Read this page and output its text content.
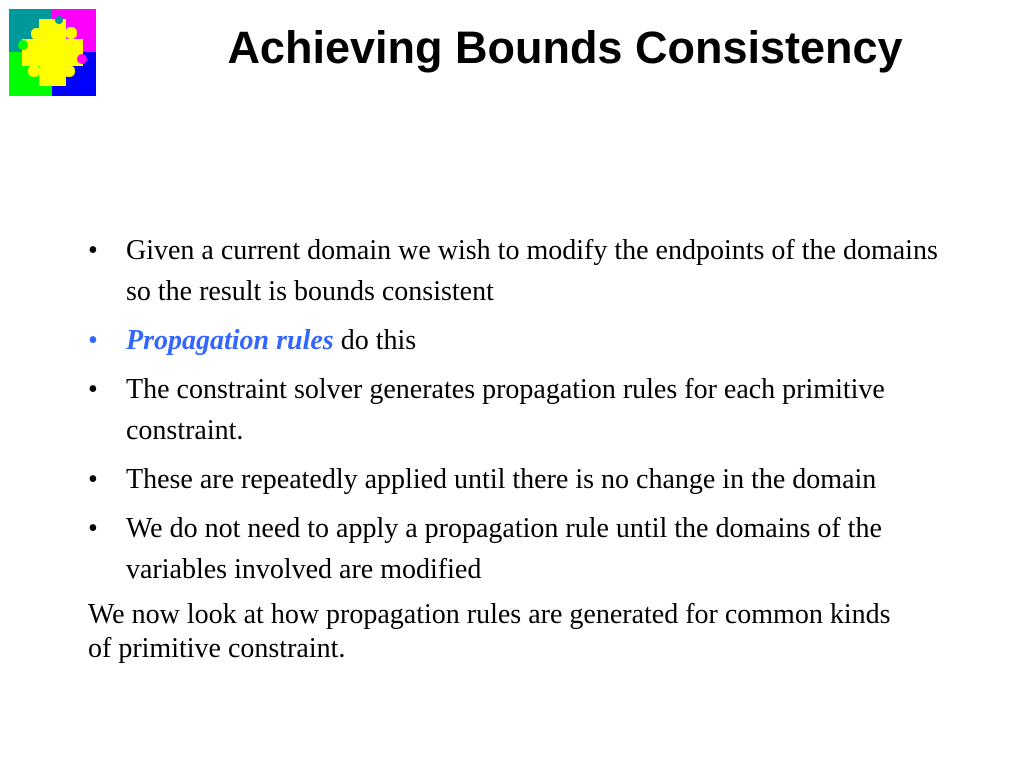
Achieving Bounds Consistency
•	Given a current domain we wish to modify the endpoints of the domains so the result is bounds consistent
•	Propagation rules do this
•	The constraint solver generates propagation rules for each primitive constraint.
•	These are repeatedly applied until there is no change in the domain
•	We do not need to apply a propagation rule until the domains of the variables involved are modified
We now look at how propagation rules are generated for common kinds of primitive constraint.
